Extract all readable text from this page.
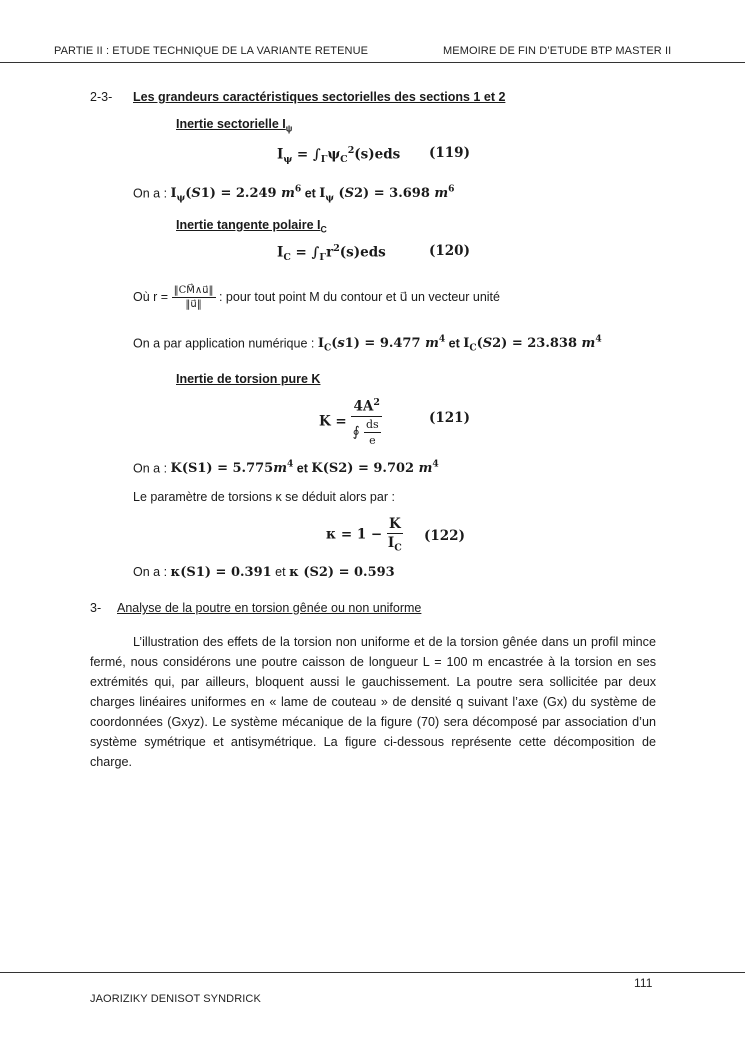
PARTIE II : ETUDE TECHNIQUE DE LA VARIANTE RETENUE	MEMOIRE DE FIN D’ETUDE BTP MASTER II
2-3- Les grandeurs caractéristiques sectorielles des sections 1 et 2
Inertie sectorielle $I_\psi$
$I_\psi = \int_\Gamma\psi_C^2(s)eds$ (119)
On a : $I_\psi(S1) = 2.249$ $m^6$ et $I_\psi$ (S2) = 3.698 $m^6$
Inertie tangente polaire $I_C$
$I_C = \int_\Gamma r^2(s)eds$	(120)
Où $r = \frac{‖CM⃗\wedge u⃗‖}{‖u⃗‖}$ : pour tout point M du contour et u⃗ un vecteur unité
On a par application numérique : $I_C(s1) = 9.477$ $m^4$ et $I_C(S2) = 23.838$ $m^4$
Inertie de torsion pure K
$K = \frac{4A^2}{∮ \frac{ds}{e}}$	(121)
On a : $K(S1) = 5.775m^4$ et K(S2) = 9.702 $m^4$
Le paramètre de torsions κ se déduit alors par :
$\kappa = 1 - \frac{K}{I_C} (122)$
On a : κ(S1) = 0.391 et κ (S2) = 0.593
3- Analyse de la poutre en torsion gênée ou non uniforme
L’illustration des effets de la torsion non uniforme et de la torsion gênée dans un profil mince fermé, nous considérons une poutre caisson de longueur L = 100 m encastrée à la torsion en ses extrémités qui, par ailleurs, bloquent aussi le gauchissement. La poutre sera sollicitée par deux charges linéaires uniformes en « lame de couteau » de densité q suivant l’axe (Gx) du système de coordonnées (Gxyz). Le système mécanique de la figure (70) sera décomposé par association d’un système symétrique et antisymétrique. La figure ci-dessous représente cette décomposition de charge.
111
JAORIZIKY DENISOT SYNDRICK
